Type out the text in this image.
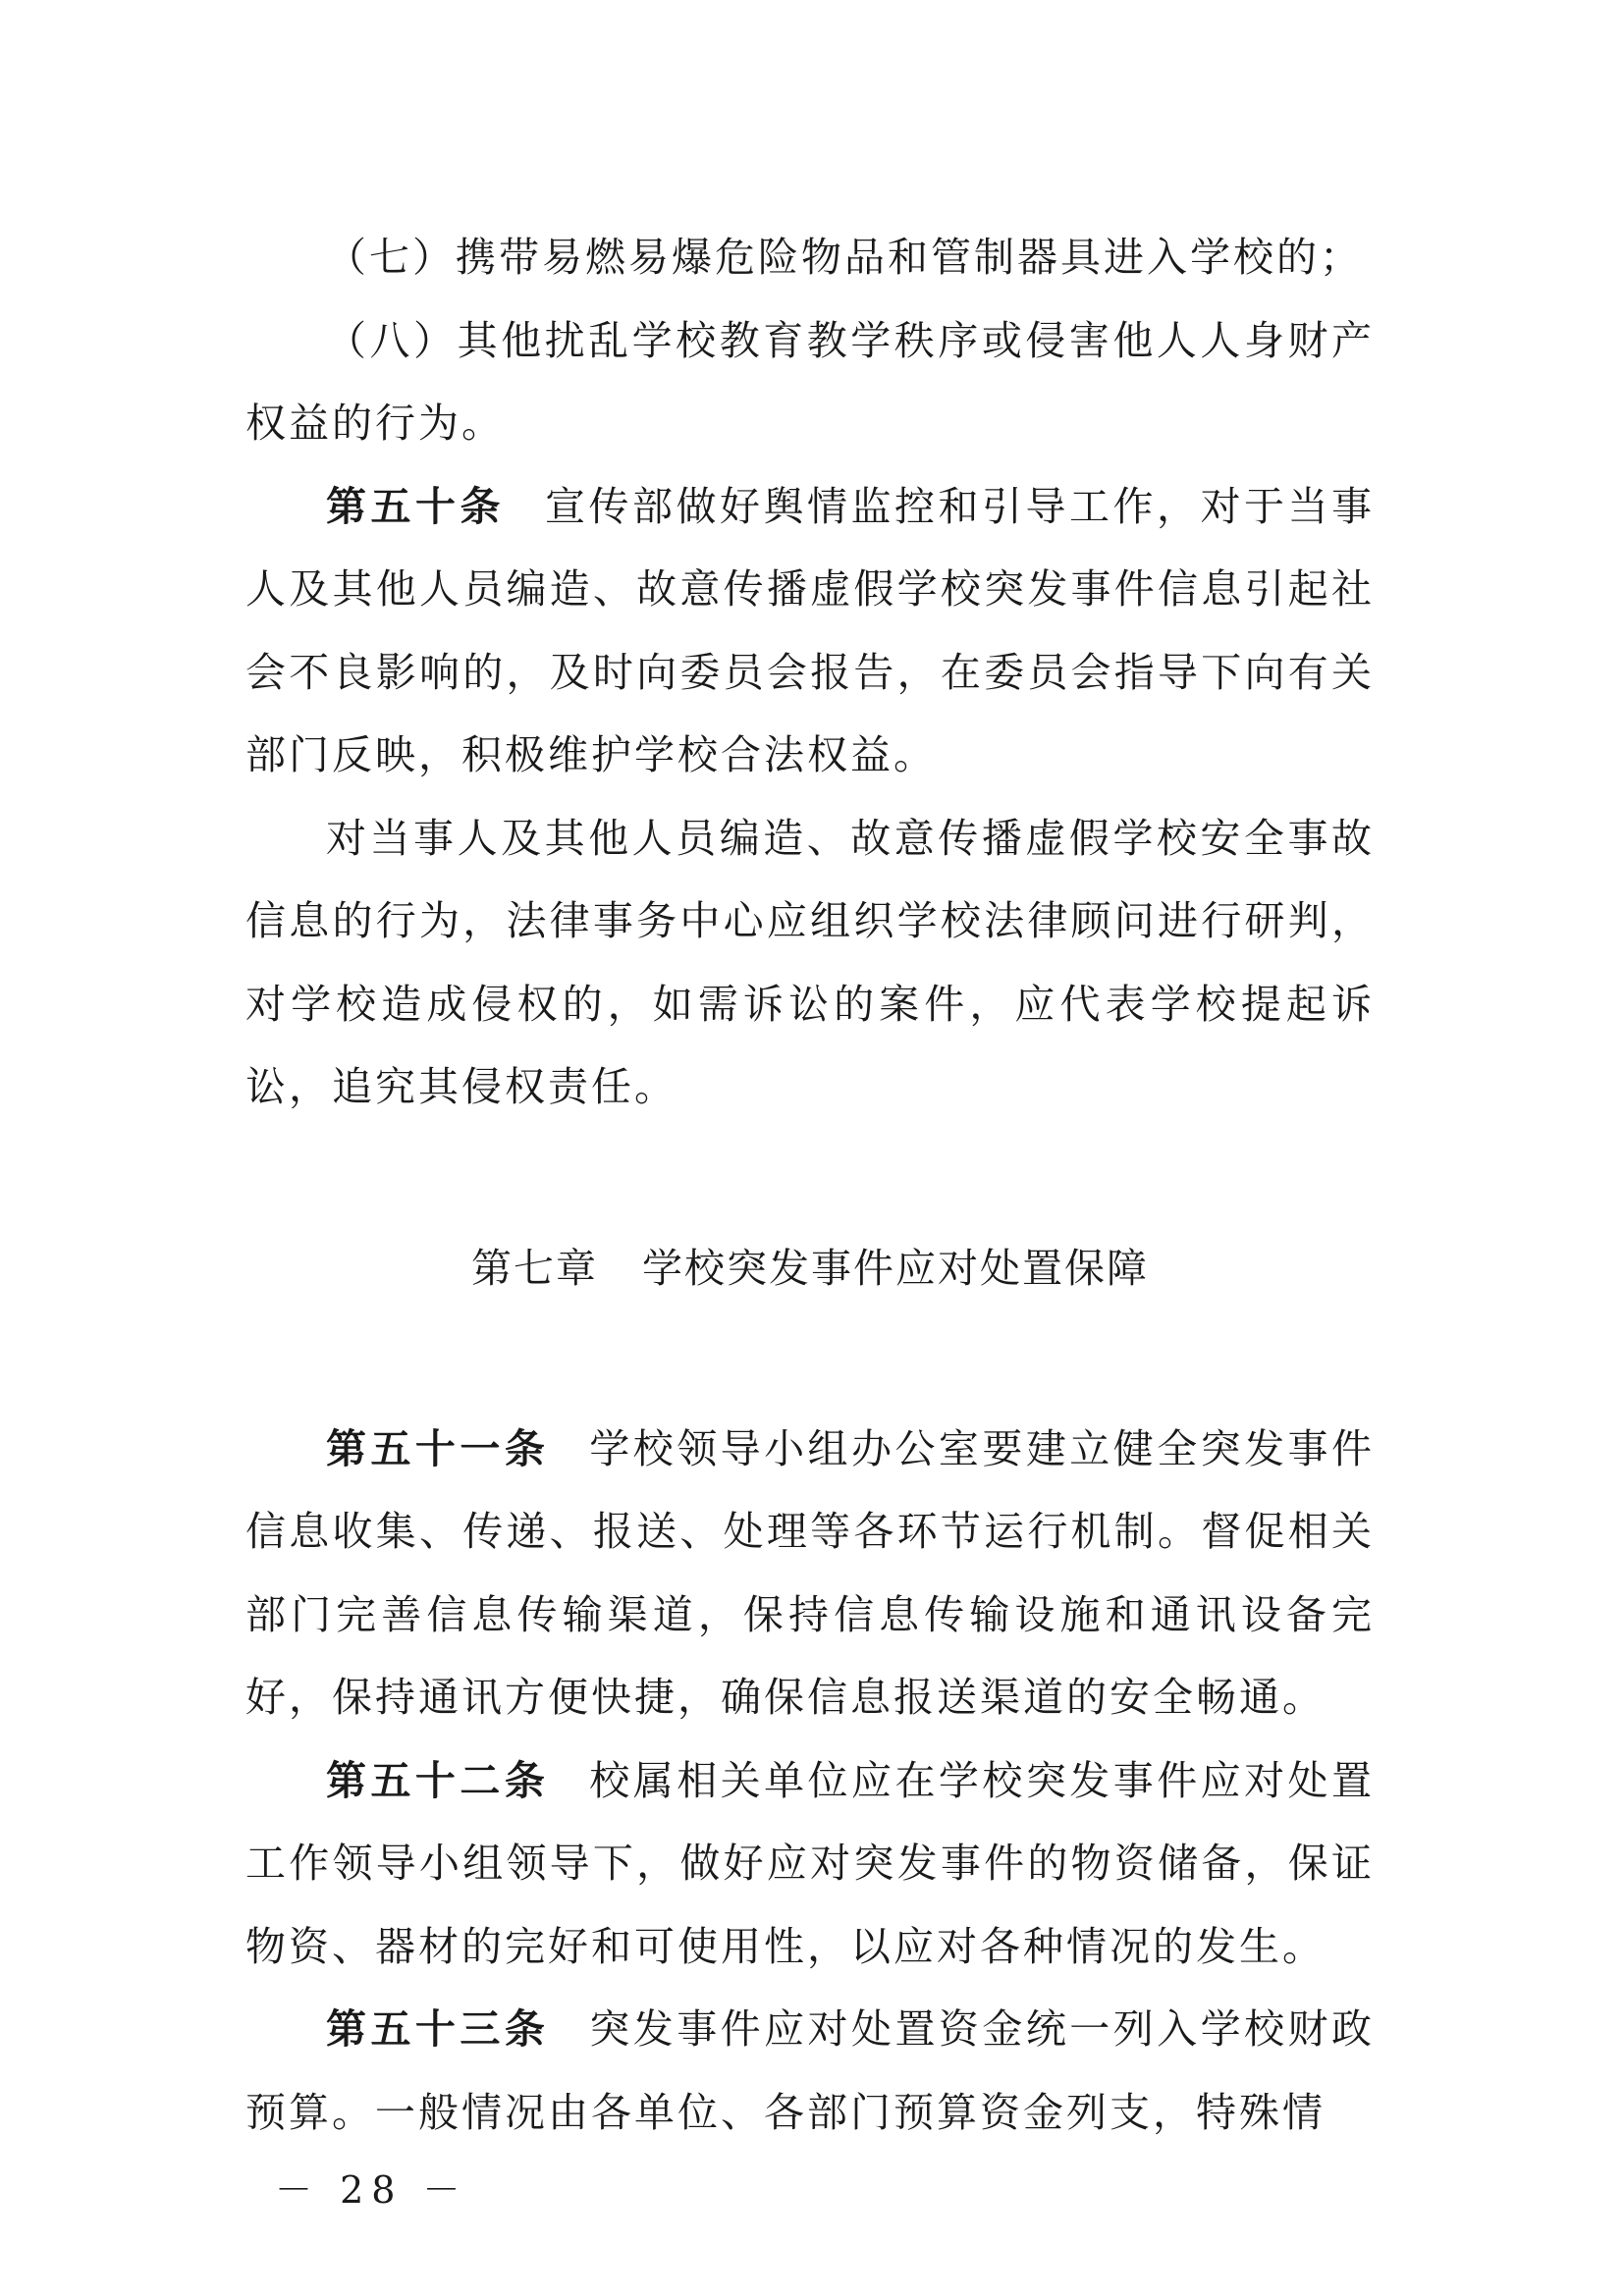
（七）携带易燃易爆危险物品和管制器具进入学校的；

（八）其他扰乱学校教育教学秩序或侵害他人人身财产权益的行为。

第五十条 宣传部做好舆情监控和引导工作，对于当事人及其他人员编造、故意传播虚假学校突发事件信息引起社会不良影响的，及时向委员会报告，在委员会指导下向有关部门反映，积极维护学校合法权益。

对当事人及其他人员编造、故意传播虚假学校安全事故信息的行为，法律事务中心应组织学校法律顾问进行研判，对学校造成侵权的，如需诉讼的案件，应代表学校提起诉讼，追究其侵权责任。

第七章 学校突发事件应对处置保障

第五十一条 学校领导小组办公室要建立健全突发事件信息收集、传递、报送、处理等各环节运行机制。督促相关部门完善信息传输渠道，保持信息传输设施和通讯设备完好，保持通讯方便快捷，确保信息报送渠道的安全畅通。

第五十二条 校属相关单位应在学校突发事件应对处置工作领导小组领导下，做好应对突发事件的物资储备，保证物资、器材的完好和可使用性，以应对各种情况的发生。

第五十三条 突发事件应对处置资金统一列入学校财政预算。一般情况由各单位、各部门预算资金列支，特殊情

－ 28 －
